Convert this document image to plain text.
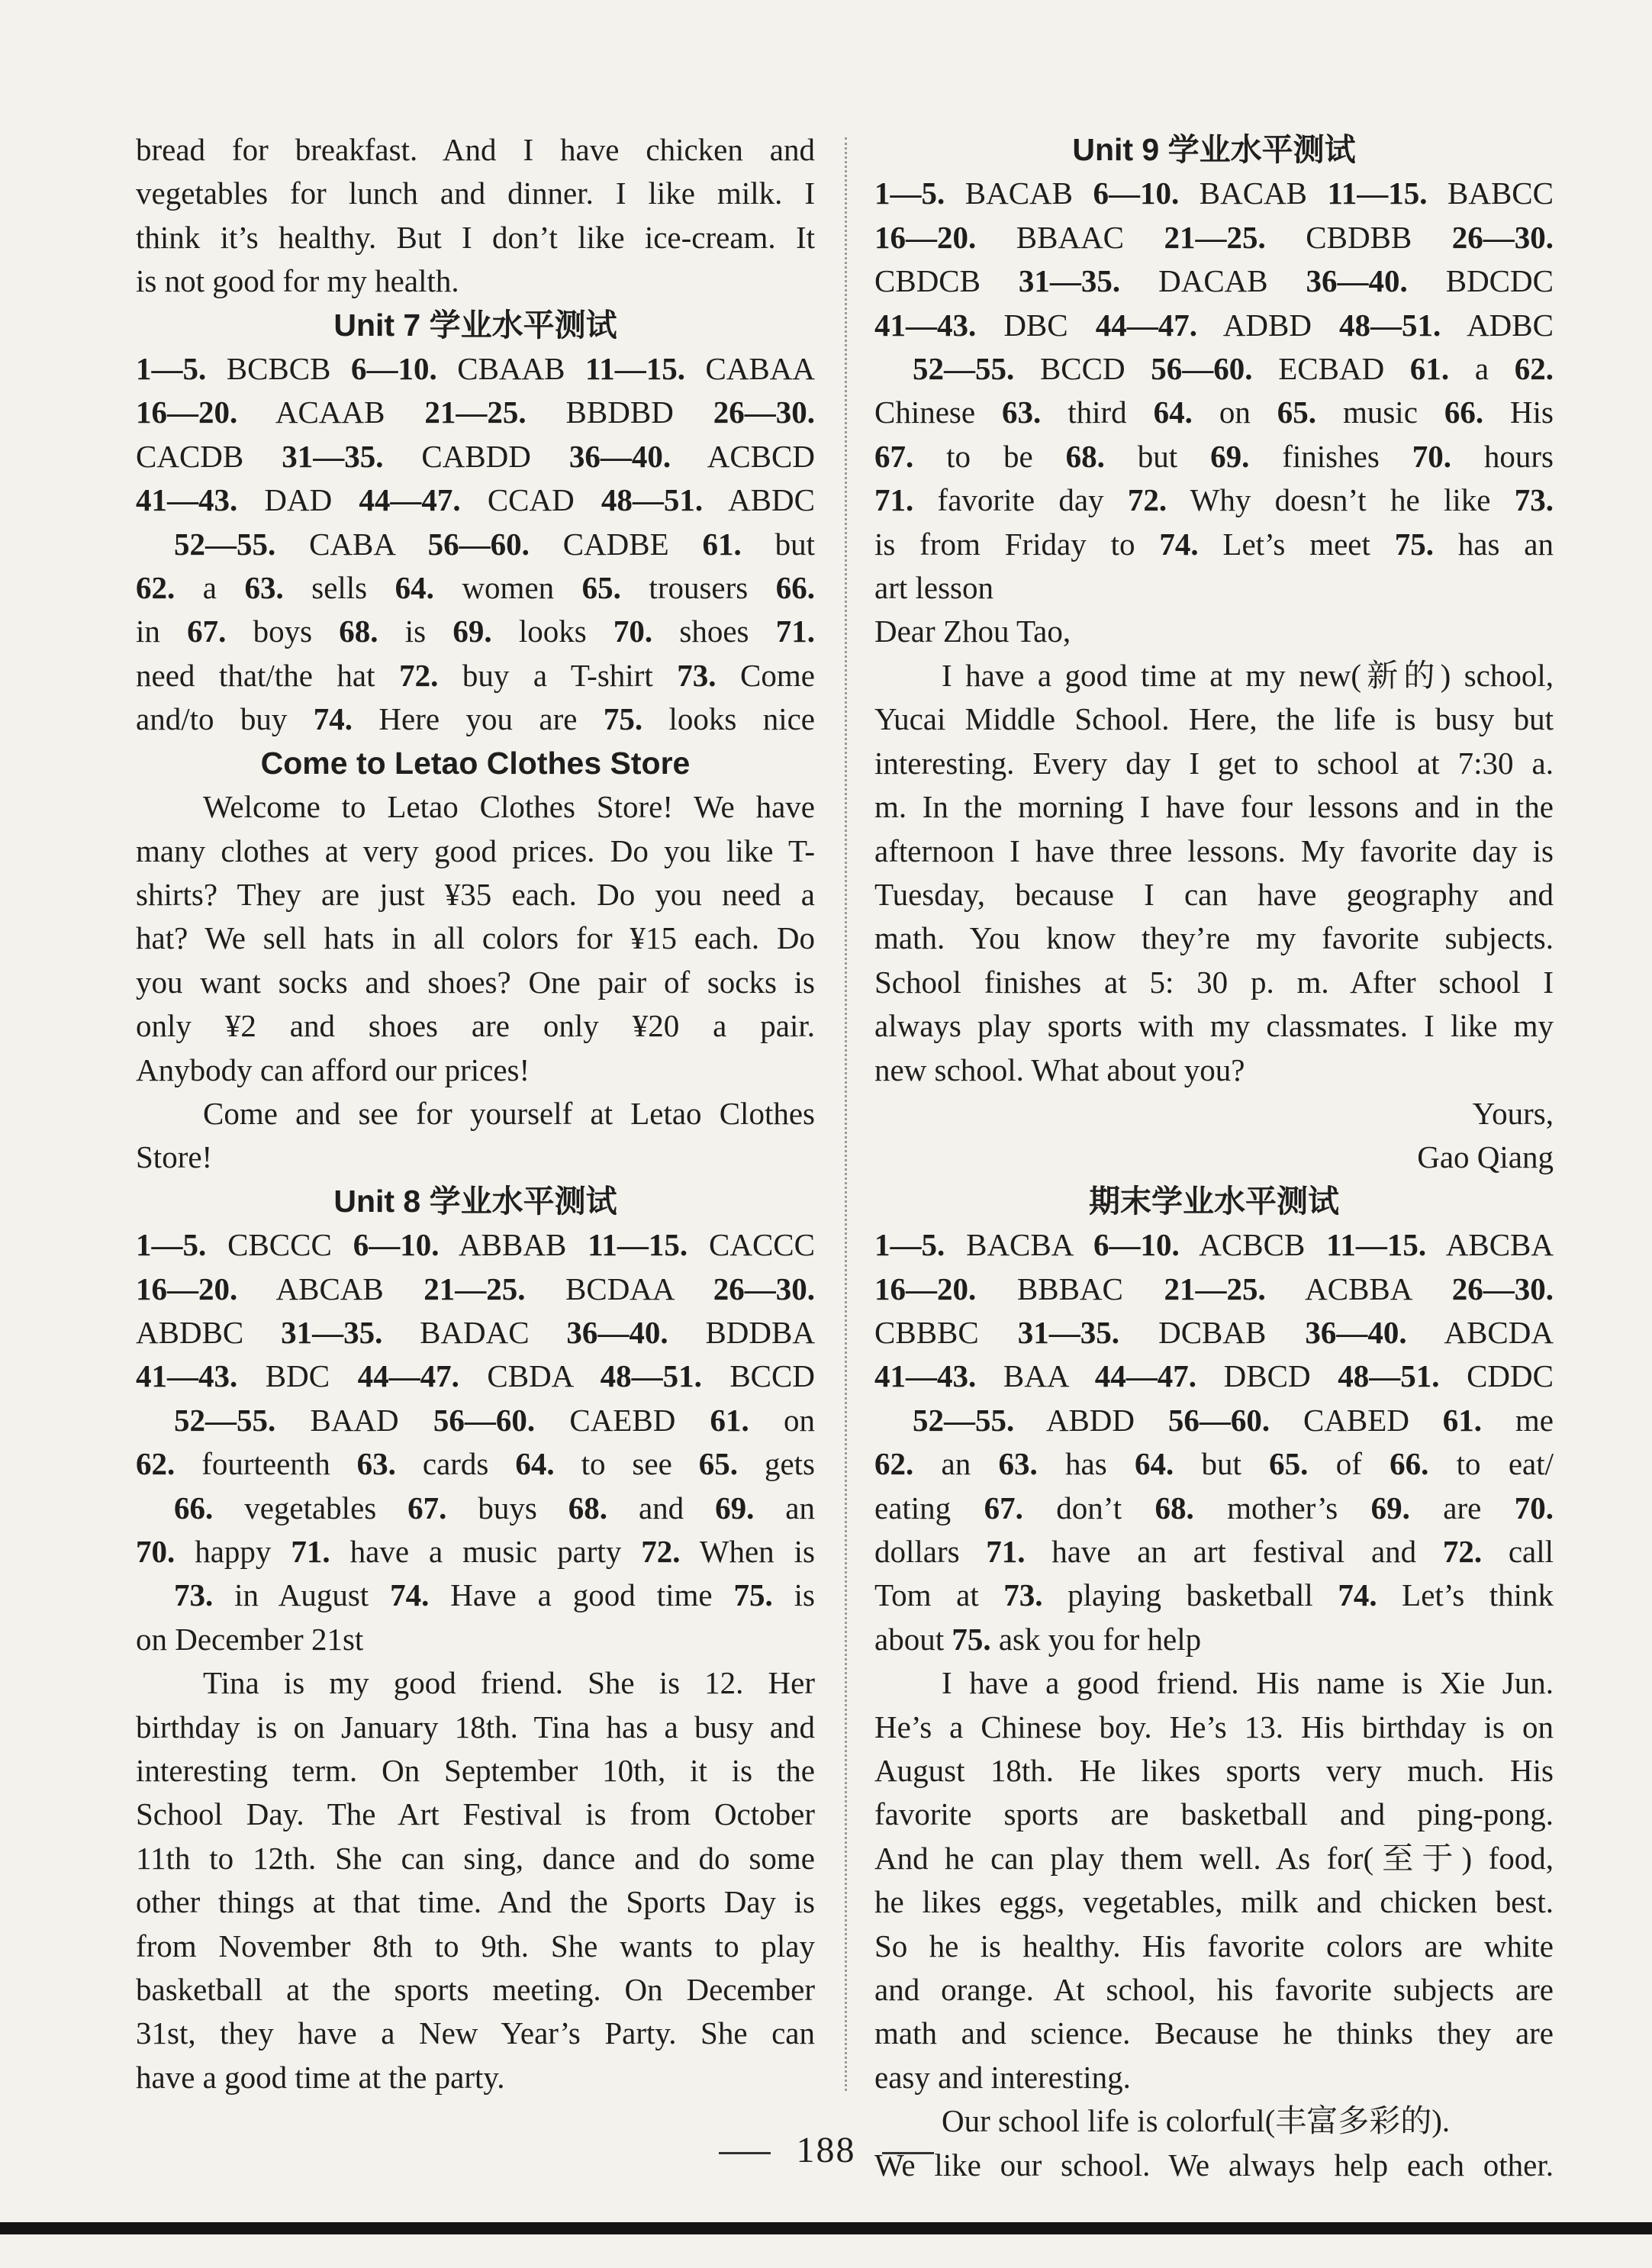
bread for breakfast. And I have chicken and
vegetables for lunch and dinner. I like milk. I
think it’s healthy. But I don’t like ice-cream. It
is not good for my health.
Unit 7 学业水平测试
1—5. BCBCB 6—10. CBAAB 11—15. CABAA
16—20. ACAAB 21—25. BBDBD 26—30.
CACDB 31—35. CABDD 36—40. ACBCD
41—43. DAD 44—47. CCAD 48—51. ABDC
52—55. CABA 56—60. CADBE 61. but
62. a 63. sells 64. women 65. trousers 66.
in 67. boys 68. is 69. looks 70. shoes 71.
need that/the hat 72. buy a T-shirt 73. Come
and/to buy 74. Here you are 75. looks nice
Come to Letao Clothes Store
Welcome to Letao Clothes Store! We have
many clothes at very good prices. Do you like T-
shirts? They are just ¥35 each. Do you need a
hat? We sell hats in all colors for ¥15 each. Do
you want socks and shoes? One pair of socks is
only ¥2 and shoes are only ¥20 a pair.
Anybody can afford our prices!
Come and see for yourself at Letao Clothes
Store!
Unit 8 学业水平测试
1—5. CBCCC 6—10. ABBAB 11—15. CACCC
16—20. ABCAB 21—25. BCDAA 26—30.
ABDBC 31—35. BADAC 36—40. BDDBA
41—43. BDC 44—47. CBDA 48—51. BCCD
52—55. BAAD 56—60. CAEBD 61. on
62. fourteenth 63. cards 64. to see 65. gets
66. vegetables 67. buys 68. and 69. an
70. happy 71. have a music party 72. When is
73. in August 74. Have a good time 75. is
on December 21st
Tina is my good friend. She is 12. Her
birthday is on January 18th. Tina has a busy and
interesting term. On September 10th, it is the
School Day. The Art Festival is from October
11th to 12th. She can sing, dance and do some
other things at that time. And the Sports Day is
from November 8th to 9th. She wants to play
basketball at the sports meeting. On December
31st, they have a New Year’s Party. She can
have a good time at the party.
Unit 9 学业水平测试
1—5. BACAB 6—10. BACAB 11—15. BABCC
16—20. BBAAC 21—25. CBDBB 26—30.
CBDCB 31—35. DACAB 36—40. BDCDC
41—43. DBC 44—47. ADBD 48—51. ADBC
52—55. BCCD 56—60. ECBAD 61. a 62.
Chinese 63. third 64. on 65. music 66. His
67. to be 68. but 69. finishes 70. hours
71. favorite day 72. Why doesn’t he like 73.
is from Friday to 74. Let’s meet 75. has an
art lesson
Dear Zhou Tao,
I have a good time at my new(新的) school,
Yucai Middle School. Here, the life is busy but
interesting. Every day I get to school at 7:30 a.
m. In the morning I have four lessons and in the
afternoon I have three lessons. My favorite day is
Tuesday, because I can have geography and
math. You know they’re my favorite subjects.
School finishes at 5: 30 p. m. After school I
always play sports with my classmates. I like my
new school. What about you?
Yours,
Gao Qiang
期末学业水平测试
1—5. BACBA 6—10. ACBCB 11—15. ABCBA
16—20. BBBAC 21—25. ACBBA 26—30.
CBBBC 31—35. DCBAB 36—40. ABCDA
41—43. BAA 44—47. DBCD 48—51. CDDC
52—55. ABDD 56—60. CABED 61. me
62. an 63. has 64. but 65. of 66. to eat/
eating 67. don’t 68. mother’s 69. are 70.
dollars 71. have an art festival and 72. call
Tom at 73. playing basketball 74. Let’s think
about 75. ask you for help
I have a good friend. His name is Xie Jun.
He’s a Chinese boy. He’s 13. His birthday is on
August 18th. He likes sports very much. His
favorite sports are basketball and ping-pong.
And he can play them well. As for(至于) food,
he likes eggs, vegetables, milk and chicken best.
So he is healthy. His favorite colors are white
and orange. At school, his favorite subjects are
math and science. Because he thinks they are
easy and interesting.
Our school life is colorful(丰富多彩的).
We like our school. We always help each other.
188
